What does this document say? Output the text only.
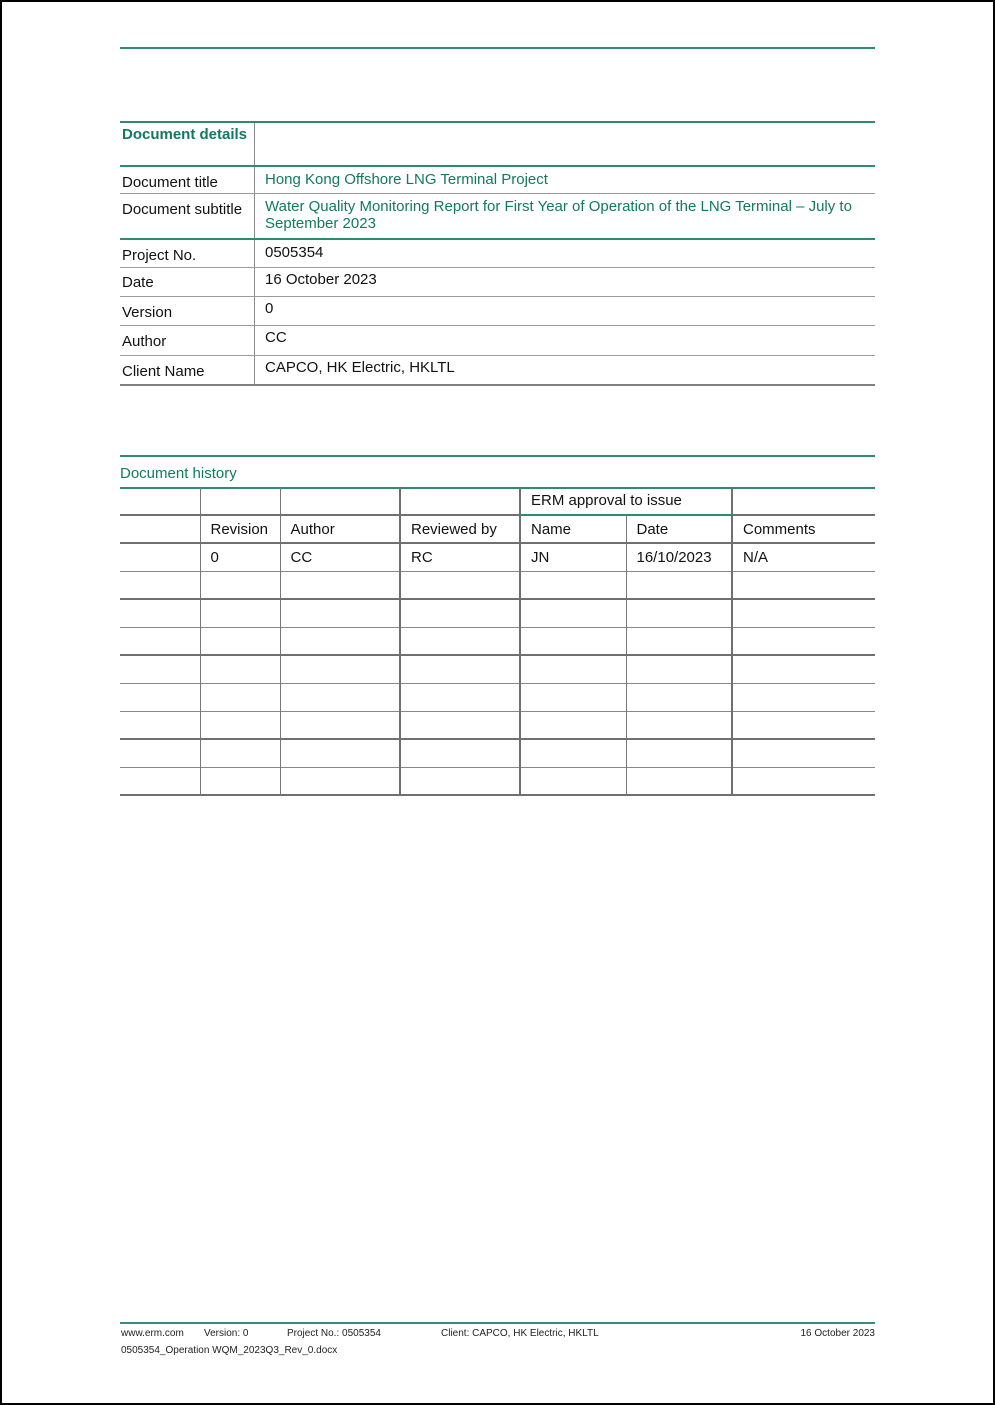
Document details
Document title	Hong Kong Offshore LNG Terminal Project
Document subtitle	Water Quality Monitoring Report for First Year of Operation of the LNG Terminal – July to September 2023
Project No.	0505354
Date	16 October 2023
Version	0
Author	CC
Client Name	CAPCO, HK Electric, HKLTL
Document history
				ERM approval to issue		
	Revision	Author	Reviewed by	Name	Date	Comments
	0	CC	RC	JN	16/10/2023	N/A

www.erm.com Version: 0	Project No.: 0505354	Client: CAPCO, HK Electric, HKLTL	16 October 2023
0505354_Operation WQM_2023Q3_Rev_0.docx
